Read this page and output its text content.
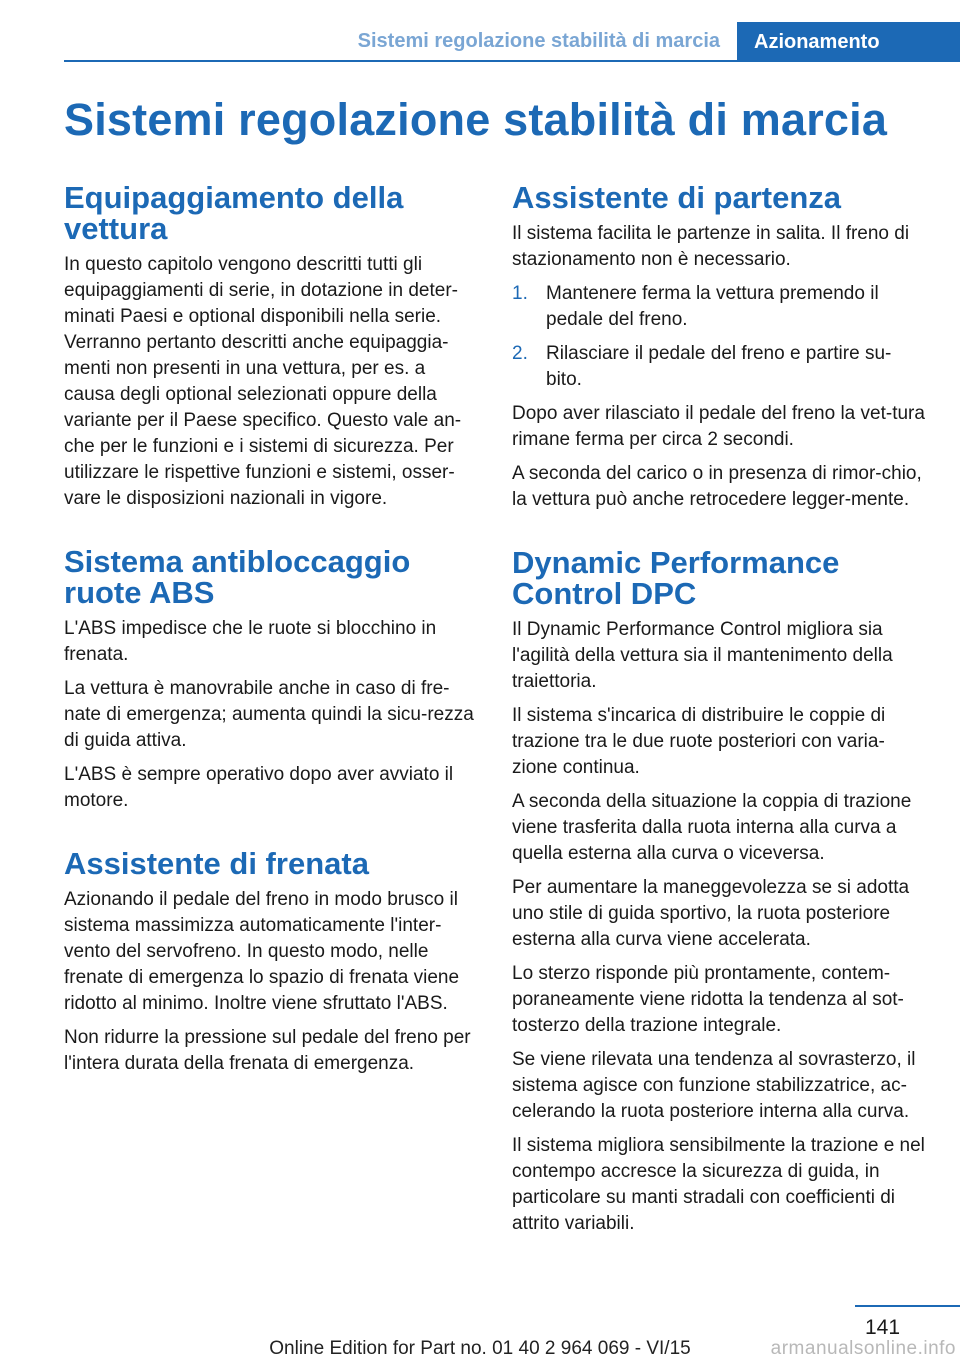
Sistemi regolazione stabilità di marcia	Azionamento
Sistemi regolazione stabilità di marcia
Equipaggiamento della vettura

In questo capitolo vengono descritti tutti gli equipaggiamenti di serie, in dotazione in deter-minati Paesi e optional disponibili nella serie. Verranno pertanto descritti anche equipaggia-menti non presenti in una vettura, per es. a causa degli optional selezionati oppure della variante per il Paese specifico. Questo vale an-che per le funzioni e i sistemi di sicurezza. Per utilizzare le rispettive funzioni e sistemi, osser-vare le disposizioni nazionali in vigore.

Sistema antibloccaggio ruote ABS

L'ABS impedisce che le ruote si blocchino in frenata.

La vettura è manovrabile anche in caso di fre-nate di emergenza; aumenta quindi la sicu-rezza di guida attiva.

L'ABS è sempre operativo dopo aver avviato il motore.

Assistente di frenata

Azionando il pedale del freno in modo brusco il sistema massimizza automaticamente l'inter-vento del servofreno. In questo modo, nelle frenate di emergenza lo spazio di frenata viene ridotto al minimo. Inoltre viene sfruttato l'ABS.

Non ridurre la pressione sul pedale del freno per l'intera durata della frenata di emergenza.

Assistente di partenza

Il sistema facilita le partenze in salita. Il freno di stazionamento non è necessario.

1. Mantenere ferma la vettura premendo il pedale del freno.
2. Rilasciare il pedale del freno e partire su-bito.

Dopo aver rilasciato il pedale del freno la vet-tura rimane ferma per circa 2 secondi.

A seconda del carico o in presenza di rimor-chio, la vettura può anche retrocedere legger-mente.

Dynamic Performance Control DPC

Il Dynamic Performance Control migliora sia l'agilità della vettura sia il mantenimento della traiettoria.

Il sistema s'incarica di distribuire le coppie di trazione tra le due ruote posteriori con varia-zione continua.

A seconda della situazione la coppia di trazione viene trasferita dalla ruota interna alla curva a quella esterna alla curva o viceversa.

Per aumentare la maneggevolezza se si adotta uno stile di guida sportivo, la ruota posteriore esterna alla curva viene accelerata.

Lo sterzo risponde più prontamente, contem-poraneamente viene ridotta la tendenza al sot-tosterzo della trazione integrale.

Se viene rilevata una tendenza al sovrasterzo, il sistema agisce con funzione stabilizzatrice, ac-celerando la ruota posteriore interna alla curva.

Il sistema migliora sensibilmente la trazione e nel contempo accresce la sicurezza di guida, in particolare su manti stradali con coefficienti di attrito variabili.

141
Online Edition for Part no. 01 40 2 964 069 - VI/15	armanualsonline.info
